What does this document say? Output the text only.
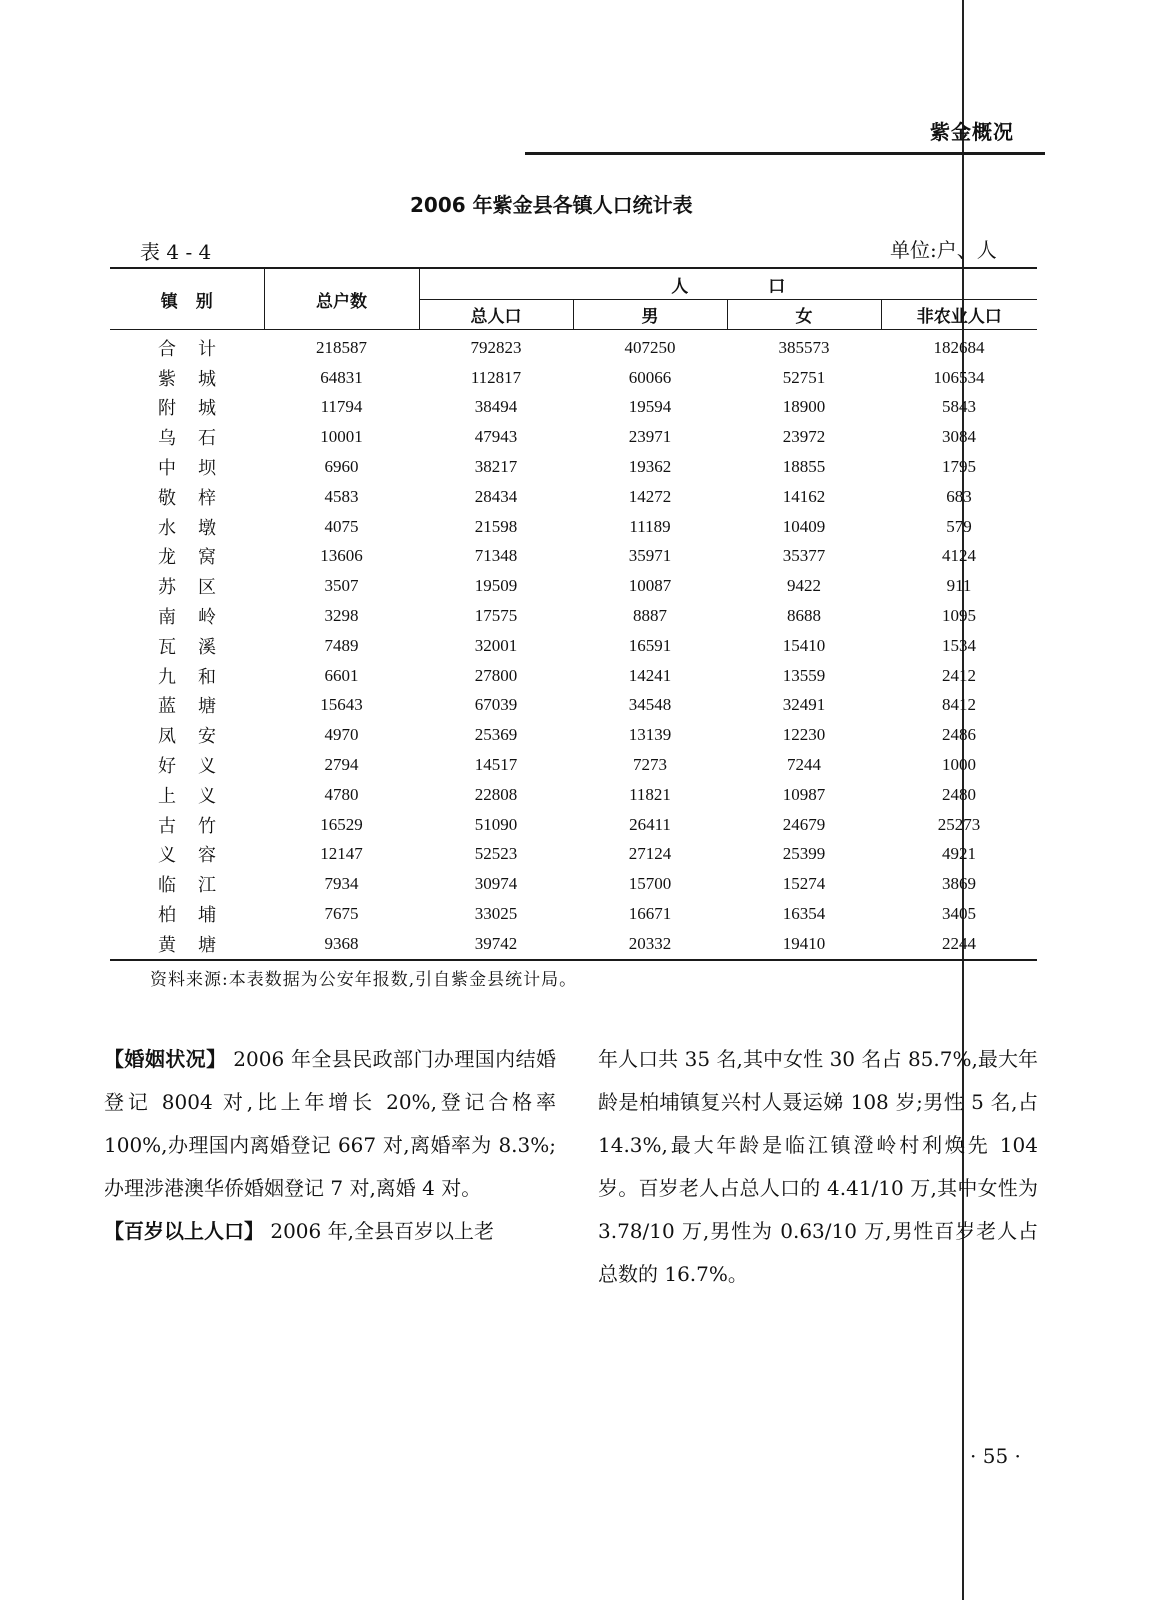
紫金概况
2006 年紫金县各镇人口统计表
表 4 - 4	单位:户、人
镇别	总户数	人口			
		总人口	男	女	非农业人口
合计	218587	792823	407250	385573	182684
紫城	64831	112817	60066	52751	106534
附城	11794	38494	19594	18900	5843
乌石	10001	47943	23971	23972	3084
中坝	6960	38217	19362	18855	1795
敬梓	4583	28434	14272	14162	683
水墩	4075	21598	11189	10409	579
龙窝	13606	71348	35971	35377	4124
苏区	3507	19509	10087	9422	911
南岭	3298	17575	8887	8688	1095
瓦溪	7489	32001	16591	15410	1534
九和	6601	27800	14241	13559	2412
蓝塘	15643	67039	34548	32491	8412
凤安	4970	25369	13139	12230	2486
好义	2794	14517	7273	7244	1000
上义	4780	22808	11821	10987	2480
古竹	16529	51090	26411	24679	25273
义容	12147	52523	27124	25399	4921
临江	7934	30974	15700	15274	3869
柏埔	7675	33025	16671	16354	3405
黄塘	9368	39742	20332	19410	2244
资料来源:本表数据为公安年报数,引自紫金县统计局。

【婚姻状况】 2006 年全县民政部门办理国内结婚登记 8004 对,比上年增长 20%,登记合格率 100%,办理国内离婚登记 667 对,离婚率为 8.3%;办理涉港澳华侨婚姻登记 7 对,离婚 4 对。

【百岁以上人口】 2006 年,全县百岁以上老

年人口共 35 名,其中女性 30 名占 85.7%,最大年龄是柏埔镇复兴村人聂运娣 108 岁;男性 5 名,占 14.3%,最大年龄是临江镇澄岭村利焕先 104 岁。百岁老人占总人口的 4.41/10 万,其中女性为 3.78/10 万,男性为 0.63/10 万,男性百岁老人占总数的 16.7%。

· 55 ·
